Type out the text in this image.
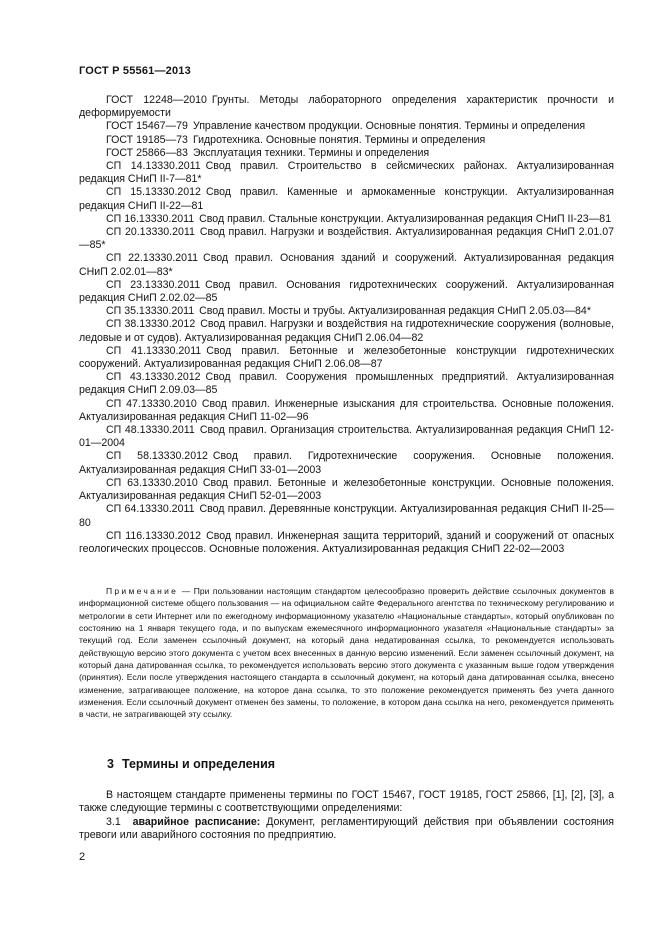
ГОСТ Р 55561—2013

ГОСТ 12248—2010 Грунты. Методы лабораторного определения характеристик прочности и деформируемости

ГОСТ 15467—79 Управление качеством продукции. Основные понятия. Термины и определения

ГОСТ 19185—73 Гидротехника. Основные понятия. Термины и определения

ГОСТ 25866—83 Эксплуатация техники. Термины и определения

СП 14.13330.2011 Свод правил. Строительство в сейсмических районах. Актуализированная редакция СНиП II-7—81*

СП 15.13330.2012 Свод правил. Каменные и армокаменные конструкции. Актуализированная редакция СНиП II-22—81

СП 16.13330.2011 Свод правил. Стальные конструкции. Актуализированная редакция СНиП II-23—81

СП 20.13330.2011 Свод правил. Нагрузки и воздействия. Актуализированная редакция СНиП 2.01.07—85*

СП 22.13330.2011 Свод правил. Основания зданий и сооружений. Актуализированная редакция СНиП 2.02.01—83*

СП 23.13330.2011 Свод правил. Основания гидротехнических сооружений. Актуализированная редакция СНиП 2.02.02—85

СП 35.13330.2011 Свод правил. Мосты и трубы. Актуализированная редакция СНиП 2.05.03—84*

СП 38.13330.2012 Свод правил. Нагрузки и воздействия на гидротехнические сооружения (волновые, ледовые и от судов). Актуализированная редакция СНиП 2.06.04—82

СП 41.13330.2011 Свод правил. Бетонные и железобетонные конструкции гидротехнических сооружений. Актуализированная редакция СНиП 2.06.08—87

СП 43.13330.2012 Свод правил. Сооружения промышленных предприятий. Актуализированная редакция СНиП 2.09.03—85

СП 47.13330.2010 Свод правил. Инженерные изыскания для строительства. Основные положения. Актуализированная редакция СНиП 11-02—96

СП 48.13330.2011 Свод правил. Организация строительства. Актуализированная редакция СНиП 12-01—2004

СП 58.13330.2012 Свод правил. Гидротехнические сооружения. Основные положения. Актуализированная редакция СНиП 33-01—2003

СП 63.13330.2010 Свод правил. Бетонные и железобетонные конструкции. Основные положения. Актуализированная редакция СНиП 52-01—2003

СП 64.13330.2011 Свод правил. Деревянные конструкции. Актуализированная редакция СНиП II-25—80

СП 116.13330.2012 Свод правил. Инженерная защита территорий, зданий и сооружений от опасных геологических процессов. Основные положения. Актуализированная редакция СНиП 22-02—2003

Примечание — При пользовании настоящим стандартом целесообразно проверить действие ссылочных документов в информационной системе общего пользования — на официальном сайте Федерального агентства по техническому регулированию и метрологии в сети Интернет или по ежегодному информационному указателю «Национальные стандарты», который опубликован по состоянию на 1 января текущего года, и по выпускам ежемесячного информационного указателя «Национальные стандарты» за текущий год. Если заменен ссылочный документ, на который дана недатированная ссылка, то рекомендуется использовать действующую версию этого документа с учетом всех внесенных в данную версию изменений. Если заменен ссылочный документ, на который дана датированная ссылка, то рекомендуется использовать версию этого документа с указанным выше годом утверждения (принятия). Если после утверждения настоящего стандарта в ссылочный документ, на который дана датированная ссылка, внесено изменение, затрагивающее положение, на которое дана ссылка, то это положение рекомендуется применять без учета данного изменения. Если ссылочный документ отменен без замены, то положение, в котором дана ссылка на него, рекомендуется применять в части, не затрагивающей эту ссылку.

3 Термины и определения

В настоящем стандарте применены термины по ГОСТ 15467, ГОСТ 19185, ГОСТ 25866, [1], [2], [3], а также следующие термины с соответствующими определениями:

3.1 аварийное расписание: Документ, регламентирующий действия при объявлении состояния тревоги или аварийного состояния по предприятию.

2
